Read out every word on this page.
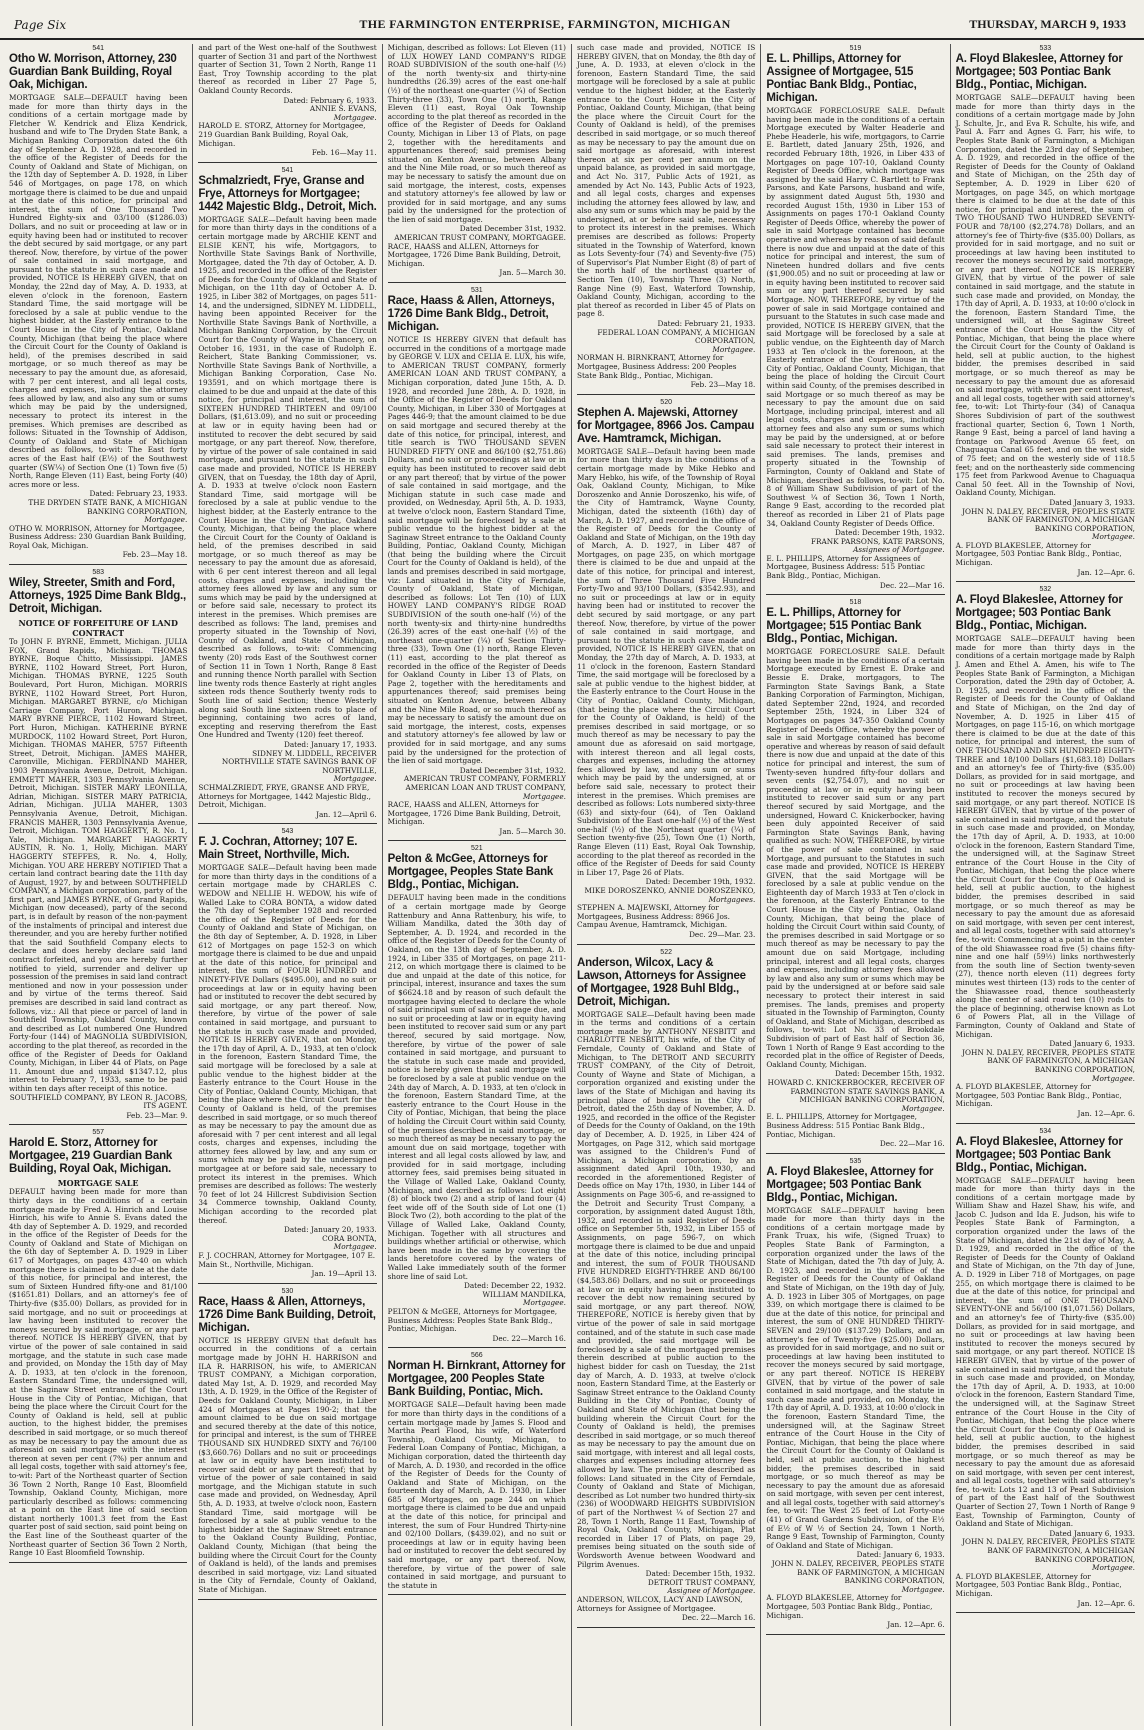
Page Six	THE FARMINGTON ENTERPRISE, FARMINGTON, MICHIGAN	THURSDAY, MARCH 9, 1933
541
Otho W. Morrison, Attorney, 230 Guardian Bank Building, Royal Oak, Michigan.
MORTGAGE SALE—DEFAULT having been made for more than thirty days in the conditions of a certain mortgage made by Fletcher W. Kendrick and Eliza Kendrick, husband and wife to The Dryden State Bank, a Michigan Banking Corporation dated the 6th day of September A. D. 1928, and recorded in the office of the Register of Deeds for the County of Oakland and State of Michigan, on the 12th day of September A. D. 1928, in Liber 546 of Mortgages, on page 178, on which mortgage there is claimed to be due and unpaid at the date of this notice, for principal and interest, the sum of One Thousand Two Hundred Eighty-six and 03/100 ($1286.03) Dollars, and no suit or proceeding at law or in equity having been had or instituted to recover the debt secured by said mortgage, or any part thereof. Now, therefore, by virtue of the power of sale contained in said mortgage, and pursuant to the statute in such case made and provided, NOTICE IS HEREBY GIVEN, that on Monday, the 22nd day of May, A. D. 1933, at eleven o'clock in the forenoon, Eastern Standard Time, the said mortgage will be foreclosed by a sale at public vendue to the highest bidder, at the Easterly entrance to the Court House in the City of Pontiac, Oakland County, Michigan (that being the place where the Circuit Court for the County of Oakland is held), of the premises described in said mortgage, or so much thereof as may be necessary to pay the amount due, as aforesaid, with 7 per cent interest, and all legal costs, charges and expenses, including the attorney fees allowed by law, and also any sum or sums which may be paid by the undersigned, necessary to protect its interest in the premises. Which premises are described as follows: Situated in the Township of Addison, County of Oakland and State of Michigan described as follows, to-wit: The East forty acres of the East half (E½) of the Southwest quarter (SW¼) of Section One (1) Town five (5) North, Range Eleven (11) East, being Forty (40) acres more or less.
Dated: February 23, 1933.
THE DRYDEN STATE BANK, A MICHIGAN BANKING CORPORATION,
Mortgagee.
OTHO W. MORRISON, Attorney for Mortgagee, Business Address: 230 Guardian Bank Building, Royal Oak, Michigan.
Feb. 23—May 18.
583
Wiley, Streeter, Smith and Ford, Attorneys, 1925 Dime Bank Bldg., Detroit, Michigan.
NOTICE OF FORFEITURE OF LAND CONTRACT
To JOHN F. BYRNE, Emmett, Michigan. JULIA FOX, Grand Rapids, Michigan. THOMAS BYRNE, Boque Chitto, Mississippi. JAMES BYRNE, 1102 Howard Street, Port Huron, Michigan. THOMAS BYRNE, 1225 South Boulevard, Port Huron, Michigan. MORRIS BYRNE, 1102 Howard Street, Port Huron, Michigan. MARGARET BYRNE, c/o Michigan Carriage Company, Port Huron, Michigan. MARY BYRNE PIERCE, 1102 Howard Street, Port Huron, Michigan. KATHERINE BYRNE MURDOCK, 1102 Howard Street, Port Huron, Michigan. THOMAS MAHER, 5757 Fifteenth Street, Detroit, Michigan. JAMES MAHER, Caronville, Michigan. FERDINAND MAHER, 1903 Pennsylvania Avenue, Detroit, Michigan. EMMETT MAHER, 1303 Pennsylvania Avenue, Detroit, Michigan. SISTER MARY LEONILLA, Adrian, Michigan. SISTER MARY PATRICIA, Adrian, Michigan. JULIA MAHER, 1303 Pennsylvania Avenue, Detroit, Michigan. FRANCIS MAHER, 1303 Pennsylvania Avenue, Detroit, Michigan. TOM HAGGERTY, R. No. 1, Yale, Michigan. MARGARET HAGGERTY AUSTIN, R. No. 1, Holly, Michigan. MARY HAGGERTY STEFFES, R. No. 4, Holly, Michigan. YOU ARE HEREBY NOTIFIED That a certain land contract bearing date the 11th day of August, 1927, by and between SOUTHFIELD COMPANY, a Michigan corporation, party of the first part, and JAMES BYRNE, of Grand Rapids, Michigan (now deceased), party of the second part, is in default by reason of the non-payment of the instalments of principal and interest due thereunder, and you are hereby further notified that the said Southfield Company elects to declare and does hereby declare said land contract forfeited, and you are hereby further notified to yield, surrender and deliver up possession of the premises in said land contract mentioned and now in your possession under and by virtue of the terms thereof. Said premises are described in said land contract as follows, viz.: All that piece or parcel of land in Southfield Township, Oakland County, known and described as Lot numbered One Hundred Forty-four (144) of MAGNOLIA SUBDIVISION, according to the plat thereof, as recorded in the office of the Register of Deeds for Oakland County, Michigan, in Liber 44 of Plats, on Page 11. Amount due and unpaid $1347.12, plus interest to February 7, 1933, same to be paid within ten days after receipt of this notice.
SOUTHFIELD COMPANY, BY LEON R. JACOBS, ITS AGENT.
Feb. 23—Mar. 9.
557
Harold E. Storz, Attorney for Mortgagee, 219 Guardian Bank Building, Royal Oak, Michigan.
MORTGAGE SALE
DEFAULT having been made for more than thirty days in the conditions of a certain mortgage made by Fred A. Hinrich and Louise Hinrich, his wife to Annie S. Evans dated the 4th day of September A. D. 1929, and recorded in the office of the Register of Deeds for the County of Oakland and State of Michigan on the 6th day of September A. D. 1929 in Liber 617 of Mortgages, on pages 437-40 on which mortgage there is claimed to be due at the date of this notice, for principal and interest, the sum of Sixteen Hundred fifty-one and 81/100 ($1651.81) Dollars, and an attorney's fee of Thirty-five ($35.00) Dollars, as provided for in said mortgage, and no suit or proceedings at law having been instituted to recover the moneys secured by said mortgage, or any part thereof. NOTICE IS HEREBY GIVEN, that by virtue of the power of sale contained in said mortgage, and the statute in such case made and provided, on Monday the 15th day of May A. D. 1933, at ten o'clock in the forenoon, Eastern Standard Time, the undersigned will, at the Saginaw Street entrance of the Court House in the City of Pontiac, Michigan, that being the place where the Circuit Court for the County of Oakland is held, sell at public auction, to the highest bidder, the premises described in said mortgage, or so much thereof as may be necessary to pay the amount due as aforesaid on said mortgage with the interest thereon at seven per cent (7%) per annum and all legal costs, together with said attorney's fee, to-wit: Part of the Northeast quarter of Section 36 Town 2 North, Range 10 East, Bloomfield Township, Oakland County, Michigan, more particularly described as follows: commencing at a point on the East line of said section distant northerly 1001.3 feet from the East quarter post of said section, said point being on the East line of the Southeast quarter of the Northeast quarter of Section 36 Town 2 North, Range 10 East Bloomfield Township.
and part of the West one-half of the Southwest quarter of Section 31 and part of the Northwest quarter of Section 31, Town 2 North, Range 11 East, Troy Township according to the plat thereof as recorded in Liber 27 Page 5, Oakland County Records.
Dated: February 6, 1933.
ANNIE S. EVANS,
Mortgagee.
HAROLD E. STORZ, Attorney for Mortgagee, 219 Guardian Bank Building, Royal Oak, Michigan.
Feb. 16—May 11.
541
Schmalzriedt, Frye, Granse and Frye, Attorneys for Mortgagee; 1442 Majestic Bldg., Detroit, Mich.
MORTGAGE SALE—Default having been made for more than thirty days in the conditions of a certain mortgage made by ARCHIE KENT and ELSIE KENT, his wife, Mortgagors, to Northville State Savings Bank of Northville, Mortgagee, dated the 7th day of October, A. D. 1925, and recorded in the office of the Register of Deeds for the County of Oakland and State of Michigan, on the 11th day of October A. D. 1925, in Liber 382 of Mortgages, on pages 511-14, and the undersigned, SIDNEY M. LIDDELL, having been appointed Receiver for the Northville State Savings Bank of Northville, a Michigan Banking Corporation, by the Circuit Court for the County of Wayne in Chancery, on October 16, 1931, in the case of Rudolph E. Reichert, State Banking Commissioner, vs. Northville State Savings Bank of Northville, a Michigan Banking Corporation, Case No. 193591, and on which mortgage there is claimed to be due and unpaid at the date of this notice, for principal and interest, the sum of SIXTEEN HUNDRED THIRTEEN and 09/100 Dollars, ($1,613.09), and no suit or proceeding at law or in equity having been had or instituted to recover the debt secured by said mortgage, or any part thereof. Now, therefore, by virtue of the power of sale contained in said mortgage, and pursuant to the statute in such case made and provided, NOTICE IS HEREBY GIVEN, that on Tuesday, the 18th day of April, A. D. 1933 at twelve o'clock noon Eastern Standard Time, said mortgage will be foreclosed by a sale at public vendue to the highest bidder, at the Easterly entrance to the Court House in the City of Pontiac, Oakland County, Michigan, that being the place where the Circuit Court for the County of Oakland is held, of the premises described in said mortgage, or so much thereof as may be necessary to pay the amount due as aforesaid, with 6 per cent interest thereon and all legal costs, charges and expenses, including the attorney fees allowed by law and any sum or sums which may be paid by the undersigned at or before said sale, necessary to protect its interest in the premises. Which premises are described as follows: The land, premises and property situated in the Township of Novi, County of Oakland, and State of Michigan, described as follows, to-wit: Commencing twenty (20) rods East of the Southwest corner of Section 11 in Town 1 North, Range 8 East and running thence North parallel with Section line twenty rods thence Easterly at right angles sixteen rods thence Southerly twenty rods to South line of said Section; thence Westerly along said South line sixteen rods to place of beginning, containing two acres of land, excepting and reserving therefrom the East One Hundred and Twenty (120) feet thereof.
Dated: January 17, 1933.
SIDNEY M. LIDDELL, RECEIVER NORTHVILLE STATE SAVINGS BANK OF NORTHVILLE,
Mortgagee.
SCHMALZRIEDT, FRYE, GRANSE AND FRYE, Attorneys for Mortgagee, 1442 Majestic Bldg., Detroit, Michigan.
Jan. 12—April 6.
543
F. J. Cochran, Attorney; 107 E. Main Street, Northville, Mich.
MORTGAGE SALE—Default having been made for more than thirty days in the conditions of a certain mortgage made by CHARLES C. WEDOW and NELLIE H. WEDOW, his wife of Walled Lake to CORA BONTA, a widow dated the 7th day of September 1928 and recorded the office of the Register of Deeds for the County of Oakland and State of Michigan, on the 8th day of September, A. D. 1928, in Liber 612 of Mortgages on page 152-3 on which mortgage there is claimed to be due and unpaid at the date of this notice, for principal and interest, the sum of FOUR HUNDRED and NINETY-FIVE Dollars ($495.00), and no suit or proceedings at law or in equity having been had or instituted to recover the debt secured by said mortgage, or any part thereof. Now, therefore, by virtue of the power of sale contained in said mortgage, and pursuant to the statute in such case made and provided, NOTICE IS HEREBY GIVEN, that on Monday, the 17th day of April, A. D., 1933, at ten o'clock in the forenoon, Eastern Standard Time, the said mortgage will be foreclosed by a sale at public vendue to the highest bidder at the Easterly entrance to the Court House in the City of Pontiac, Oakland County, Michigan, that being the place where the Circuit Court for the County of Oakland is held, of the premises described in said mortgage, or so much thereof as may be necessary to pay the amount due as aforesaid with 7 per cent interest and all legal costs, charges and expenses, including the attorney fees allowed by law, and any sum or sums which may be paid by the undersigned mortgagee at or before said sale, necessary to protect its interest in the premises. Which premises are described as follows: The westerly 70 feet of lot 24 Hillcrest Subdivision Section 34 Commerce township, Oakland County, Michigan according to the recorded plat thereof.
Dated: January 20, 1933.
CORA BONTA,
Mortgagee.
F. J. COCHRAN, Attorney for Mortgagee, 107 E. Main St., Northville, Michigan.
Jan. 19—April 13.
530
Race, Haass & Allen, Attorneys, 1726 Dime Bank Building, Detroit, Michigan.
NOTICE IS HEREBY GIVEN that default has occurred in the conditions of a certain mortgage made by JOHN H. HARRISON and ILA R. HARRISON, his wife, to AMERICAN TRUST COMPANY, a Michigan corporation, dated May 1st, A. D. 1929, and recorded May 13th, A. D. 1929, in the Office of the Register of Deeds for Oakland County, Michigan, in Liber 424 of Mortgages at Pages 190-2; that the amount claimed to be due on said mortgage and secured thereby at the date of this notice, for principal and interest, is the sum of THREE THOUSAND SIX HUNDRED SIXTY and 76/100 ($3,660.76) Dollars and no suit or proceedings at law or in equity have been instituted to recover said debt or any part thereof; that by virtue of the power of sale contained in said mortgage, and the Michigan statute in such case made and provided, on Wednesday, April 5th, A. D. 1933, at twelve o'clock noon, Eastern Standard Time, said mortgage will be foreclosed by a sale at public vendue to the highest bidder at the Saginaw Street entrance to the Oakland County Building, Pontiac, Oakland County, Michigan (that being the building where the Circuit Court for the County of Oakland is held), of the lands and premises described in said mortgage, viz: Land situated in the City of Ferndale, County of Oakland, State of Michigan.
Michigan, described as follows: Lot Eleven (11) of LUX HOWEY LAND COMPANY'S RIDGE ROAD SUBDIVISION of the south one-half (½) of the north twenty-six and thirty-nine hundredths (26.39) acres of the east one-half (½) of the northeast one-quarter (¼) of Section Thirty-three (33), Town One (1) north, Range Eleven (11) east, Royal Oak Township according to the plat thereof as recorded in the office of the Register of Deeds for Oakland County, Michigan in Liber 13 of Plats, on page 2, together with the hereditaments and appurtenances thereof; said premises being situated on Kenton Avenue, between Albany and the Nine Mile road, or so much thereof as may be necessary to satisfy the amount due on said mortgage, the interest, costs, expenses and statutory attorney's fee allowed by law or provided for in said mortgage, and any sums paid by the undersigned for the protection of the lien of said mortgage.
Dated December 31st, 1932.
AMERICAN TRUST COMPANY, MORTGAGEE.
RACE, HAASS and ALLEN, Attorneys for Mortgagee, 1726 Dime Bank Building, Detroit, Michigan.
Jan. 5—March 30.
531
Race, Haass & Allen, Attorneys, 1726 Dime Bank Bldg., Detroit, Michigan.
NOTICE IS HEREBY GIVEN that default has occurred in the conditions of a mortgage made by GEORGE V. LUX and CELIA E. LUX, his wife, to AMERICAN TRUST COMPANY, formerly AMERICAN LOAN AND TRUST COMPANY, a Michigan corporation, dated June 15th, A. D. 1928, and recorded June 28th, A. D. 1928, in the Office of the Register of Deeds for Oakland County, Michigan, in Liber 330 of Mortgages at Pages 446-9; that the amount claimed to be due on said mortgage and secured thereby at the date of this notice, for principal, interest, and title search is TWO THOUSAND SEVEN HUNDRED FIFTY ONE and 86/100 ($2,751.86) Dollars, and no suit or proceedings at law or in equity has been instituted to recover said debt or any part thereof; that by virtue of the power of sale contained in said mortgage, and the Michigan statute in such case made and provided, on Wednesday, April 5th, A. D. 1933, at twelve o'clock noon, Eastern Standard Time, said mortgage will be foreclosed by a sale at public vendue to the highest bidder at the Saginaw Street entrance to the Oakland County Building, Pontiac, Oakland County, Michigan (that being the building where the Circuit Court for the County of Oakland is held), of the lands and premises described in said mortgage, viz: Land situated in the City of Ferndale, County of Oakland, State of Michigan, described as follows: Lot Ten (10) of LUX HOWEY LAND COMPANY'S RIDGE ROAD SUBDIVISION of the south one-half (½) of the north twenty-six and thirty-nine hundredths (26.39) acres of the east one-half (½) of the northeast one-quarter (¼) of Section Thirty-three (33), Town One (1) north, Range Eleven (11) east, according to the plat thereof as recorded in the office of the Register of Deeds for Oakland County in Liber 13 of Plats, on Page 2, together with the hereditaments and appurtenances thereof; said premises being situated on Kenton Avenue, between Albany and the Nine Mile Road, or so much thereof as may be necessary to satisfy the amount due on said mortgage, the interest, costs, expenses and statutory attorney's fee allowed by law or provided for in said mortgage, and any sums paid by the undersigned for the protection of the lien of said mortgage.
Dated December 31st, 1932.
AMERICAN TRUST COMPANY, FORMERLY AMERICAN LOAN AND TRUST COMPANY,
Mortgagee.
RACE, HAASS and ALLEN, Attorneys for Mortgagee, 1726 Dime Bank Building, Detroit, Michigan.
Jan. 5—March 30.
521
Pelton & McGee, Attorneys for Mortgagee, Peoples State Bank Bldg., Pontiac, Michigan.
DEFAULT having been made in the conditions of a certain mortgage made by George Rattenbury and Anna Rattenbury, his wife, to William Mandilka, dated the 30th day of September, A. D. 1924, and recorded in the office of the Register of Deeds for the County of Oakland, on the 13th day of September, A. D. 1924, in Liber 335 of Mortgages, on page 211-212, on which mortgage there is claimed to be due and unpaid at the date of this notice, for principal, interest, insurance and taxes the sum of $6624.18 and by reason of such default the mortgagee having elected to declare the whole of said principal sum of said mortgage due, and no suit or proceeding at law or in equity having been instituted to recover said sum or any part thereof, secured by said mortgage. Now, therefore, by virtue of the power of sale contained in said mortgage, and pursuant to the statute in such case made and provided, notice is hereby given that said mortgage will be foreclosed by a sale at public vendue on the 24th day of March, A. D. 1933, at ten o'clock in the forenoon, Eastern Standard Time, at the easterly entrance to the Court House in the City of Pontiac, Michigan, that being the place of holding the Circuit Court within said County, of the premises described in said mortgage, or so much thereof as may be necessary to pay the amount due on said mortgage, together with interest and all legal costs allowed by law, and provided for in said mortgage, including attorney fees, said premises being situated in the Village of Walled Lake, Oakland County, Michigan, and described as follows: Lot eight (8) of block two (2) and a strip of land four (4) feet wide off of the South side of Lot one (1) Block Two (2), both according to the plat of the Village of Walled Lake, Oakland County, Michigan. Together with all structures and buildings whether artificial or otherwise, which have been made in the same by covering the lands heretofore covered by the waters of Walled Lake immediately south of the former shore line of said Lot.
Dated: December 22, 1932.
WILLIAM MANDILKA,
Mortgagee.
PELTON & McGEE, Attorneys for Mortgagee, Business Address: Peoples State Bank Bldg., Pontiac, Michigan.
Dec. 22—March 16.
566
Norman H. Birnkrant, Attorney for Mortgagee, 200 Peoples State Bank Building, Pontiac, Mich.
MORTGAGE SALE—Default having been made for more than thirty days in the conditions of a certain mortgage made by James S. Flood and Martha Pearl Flood, his wife, of Waterford Township, Oakland County, Michigan, to Federal Loan Company of Pontiac, Michigan, a Michigan corporation, dated the thirteenth day of March, A. D. 1930, and recorded in the office of the Register of Deeds for the County of Oakland and State of Michigan, on the fourteenth day of March, A. D. 1930, in Liber 685 of Mortgages, on page 244 on which mortgage there is claimed to be due and unpaid at the date of this notice, for principal and interest, the sum of Four Hundred Thirty-nine and 02/100 Dollars, ($439.02), and no suit or proceedings at law or in equity having been had or instituted to recover the debt secured by said mortgage, or any part thereof. Now, therefore, by virtue of the power of sale contained in said mortgage, and pursuant to the statute in
such case made and provided, NOTICE IS HEREBY GIVEN, that on Monday, the 8th day of June, A. D. 1933, at eleven o'clock in the forenoon, Eastern Standard Time, the said mortgage will be foreclosed by a sale at public vendue to the highest bidder, at the Easterly entrance to the Court House in the City of Pontiac, Oakland County, Michigan, (that being the place where the Circuit Court for the County of Oakland is held), of the premises described in said mortgage, or so much thereof as may be necessary to pay the amount due on said mortgage as aforesaid, with interest thereon at six per cent per annum on the unpaid balance, as provided in said mortgage, and Act No. 317, Public Acts of 1921, as amended by Act No. 143, Public Acts of 1923, and all legal costs, charges and expenses including the attorney fees allowed by law, and also any sum or sums which may be paid by the undersigned, at or before said sale, necessary to protect its interest in the premises. Which premises are described as follows: Property situated in the Township of Waterford, known as Lots Seventy-four (74) and Seventy-five (75) of Supervisor's Plat Number Eight (8) of part of the north half of the northeast quarter of Section Ten (10), Township Three (3) North, Range Nine (9) East, Waterford Township, Oakland County, Michigan, according to the plat thereof as recorded in Liber 45 of Plats on page 8.
Dated: February 21, 1933.
FEDERAL LOAN COMPANY, A MICHIGAN CORPORATION,
Mortgagee.
NORMAN H. BIRNKRANT, Attorney for Mortgagee, Business Address: 200 Peoples State Bank Bldg., Pontiac, Michigan.
Feb. 23—May 18.
520
Stephen A. Majewski, Attorney for Mortgagee, 8966 Jos. Campau Ave. Hamtramck, Michigan.
MORTGAGE SALE—Default having been made for more than thirty days in the conditions of a certain mortgage made by Mike Hebko and Mary Hebko, his wife, of the Township of Royal Oak, Oakland County, Michigan, to Mike Doroszenko and Annie Doroszenko, his wife, of the City of Hamtramck, Wayne County, Michigan, dated the sixteenth (16th) day of March, A. D. 1927, and recorded in the office of the Register of Deeds for the County of Oakland and State of Michigan, on the 19th day of March, A. D. 1927, in Liber 487 of Mortgages, on page 235, on which mortgage there is claimed to be due and unpaid at the date of this notice, for principal and interest, the sum of Three Thousand Five Hundred Forty-Two and 93/100 Dollars, ($3542.93), and no suit or proceedings at law or in equity having been had or instituted to recover the debt secured by said mortgage, or any part thereof. Now, therefore, by virtue of the power of sale contained in said mortgage, and pursuant to the statute in such case made and provided, NOTICE IS HEREBY GIVEN, that on Monday, the 27th day of March, A. D. 1933, at 11 o'clock in the forenoon, Eastern Standard Time, the said mortgage will be foreclosed by a sale at public vendue to the highest bidder, at the Easterly entrance to the Court House in the City of Pontiac, Oakland County, Michigan, (that being the place where the Circuit Court for the County of Oakland, is held) of the premises described in said mortgage, or so much thereof as may be necessary to pay the amount due as aforesaid on said mortgage, with interest thereon and all legal costs, charges and expenses, including the attorney fees allowed by law, and any sum or sums which may be paid by the undersigned, at or before said sale, necessary to protect their interest in the premises. Which premises are described as follows: Lots numbered sixty-three (63) and sixty-four (64), of Ten Oakland Subdivision of the East one-half (½) of the West one-half (½) of the Northeast quarter (¼) of Section twenty-five (25), Town One (1) North, Range Eleven (11) East, Royal Oak Township, according to the plat thereof as recorded in the office of the Register of Deeds for said County in Liber 17, Page 26 of Plats.
Dated: December 19th, 1932.
MIKE DOROSZENKO, ANNIE DOROSZENKO,
Mortgagees.
STEPHEN A. MAJEWSKI, Attorney for Mortgagees, Business Address: 8966 Jos. Campau Avenue, Hamtramck, Michigan.
Dec. 29—Mar. 23.
522
Anderson, Wilcox, Lacy & Lawson, Attorneys for Assignee of Mortgagee, 1928 Buhl Bldg., Detroit, Michigan.
MORTGAGE SALE—Default having been made in the terms and conditions of a certain mortgage made by ANTHONY NESBITT and CHARLOTTE NESBITT, his wife, of the City of Ferndale, County of Oakland and State of Michigan, to The DETROIT AND SECURITY TRUST COMPANY, of the City of Detroit, County of Wayne and State of Michigan, a corporation organized and existing under the laws of the State of Michigan and having its principal place of business in the City of Detroit, dated the 25th day of November, A. D. 1925, and recorded in the office of the Register of Deeds for the County of Oakland, on the 19th day of December, A. D. 1925, in Liber 424 of Mortgages, on Page 312, which said mortgage was assigned to the Children's Fund of Michigan, a Michigan corporation, by an assignment dated April 10th, 1930, and recorded in the aforementioned Register of Deeds office on May 17th, 1930, in Liber 144 of Assignments on Page 305-6, and re-assigned to the Detroit and Security Trust Company, a corporation, by assignment dated August 18th, 1932, and recorded in said Register of Deeds office on September 5th, 1932, in Liber 155 of Assignments, on page 596-7, on which mortgage there is claimed to be due and unpaid at the date of this notice, including principal and interest, the sum of FOUR THOUSAND FIVE HUNDRED EIGHTY-THREE AND 86/100 ($4,583.86) Dollars, and no suit or proceedings at law or in equity having been instituted to recover the debt now remaining secured by said mortgage, or any part thereof. NOW, THEREFORE, NOTICE is hereby given that by virtue of the power of sale in said mortgage contained, and of the statute in such case made and provided, the said mortgage will be foreclosed by a sale of the mortgaged premises therein described at public auction to the highest bidder for cash on Tuesday, the 21st day of March, A. D. 1933, at twelve o'clock noon, Eastern Standard Time, at the Easterly or Saginaw Street entrance to the Oakland County Building in the City of Pontiac, County of Oakland and State of Michigan (that being the building wherein the Circuit Court for the County of Oakland is held), the premises described in said mortgage, or so much thereof as may be necessary to pay the amount due on said mortgage, with interest and all legal costs, charges and expenses including attorney fees allowed by law. The premises are described as follows: Land situated in the City of Ferndale, County of Oakland and State of Michigan, described as Lot number two hundred thirty-six (236) of WOODWARD HEIGHTS SUBDIVISION of part of the Northwest ¼ of Section 27 and 28, Town 1 North, Range 11 East, Township of Royal Oak, Oakland County, Michigan, Plat recorded in Liber 17 of Plats, on page 29, premises being situated on the south side of Wordsworth Avenue between Woodward and Pilgrim Avenues.
Dated: December 15th, 1932.
DETROIT TRUST COMPANY,
Assignee of Mortgagee.
ANDERSON, WILCOX, LACY AND LAWSON, Attorneys for Assignee of Mortgagee.
Dec. 22—March 16.
519
E. L. Phillips, Attorney for Assignee of Mortgagee, 515 Pontiac Bank Bldg., Pontiac, Michigan.
MORTGAGE FORECLOSURE SALE. Default having been made in the conditions of a certain Mortgage executed by Walter Headerle and Phebe Headerle, his wife, mortgagors, to Carrie E. Bartlett, dated January 25th, 1926, and recorded February 18th, 1926, in Liber 433 of Mortgages on page 107-10, Oakland County Register of Deeds Office, which mortgage was assigned by the said Harry C. Bartlett to Frank Parsons, and Kate Parsons, husband and wife, by assignment dated August 5th, 1930 and recorded August 15th, 1930 in Liber 153 of Assignments on pages 170-1 Oakland County Register of Deeds Office, whereby the power of sale in said Mortgage contained has become operative and whereas by reason of said default there is now due and unpaid at the date of this notice for principal and interest, the sum of Nineteen hundred dollars and five cents ($1,900.05) and no suit or proceeding at law or in equity having been instituted to recover said sum or any part thereof secured by said Mortgage. NOW, THEREFORE, by virtue of the power of sale in said Mortgage contained and pursuant to the Statutes in such case made and provided, NOTICE IS HEREBY GIVEN, that the said Mortgage will be foreclosed by a sale at public vendue, on the Eighteenth day of March 1933 at Ten o'clock in the forenoon, at the Easterly entrance of the Court House in the City of Pontiac, Oakland County, Michigan, that being the place of holding the Circuit Court within said County, of the premises described in said Mortgage or so much thereof as may be necessary to pay the amount due on said Mortgage, including principal, interest and all legal costs, charges and expenses, including attorney fees and also any sum or sums which may be paid by the undersigned, at or before said sale necessary to protect their interest in said premises. The lands, premises and property situated in the Township of Farmington, County of Oakland and State of Michigan, described as follows, to-wit: Lot No. 8 of William Shaw Subdivision of part of the Southwest ¼ of Section 36, Town 1 North, Range 9 East, according to the recorded plat thereof as recorded in Liber 21 of Plats page 34, Oakland County Register of Deeds Office.
Dated: December 19th, 1932.
FRANK PARSONS, KATE PARSONS,
Assignees of Mortgagee.
E. L. PHILLIPS, Attorney for Assignees of Mortgagee, Business Address: 515 Pontiac Bank Bldg., Pontiac, Michigan.
Dec. 22—Mar 16.
518
E. L. Phillips, Attorney for Mortgagee; 515 Pontiac Bank Bldg., Pontiac, Michigan.
MORTGAGE FORECLOSURE SALE. Default having been made in the conditions of a certain Mortgage executed by Ernest E. Drake and Bessie E. Drake, mortgagors, to The Farmington State Savings Bank, a State Banking Corporation of Farmington, Michigan, dated September 22nd, 1924, and recorded September 25th, 1924, in Liber 324 of Mortgages on pages 347-350 Oakland County Register of Deeds Office, whereby the power of sale in said Mortgage contained has become operative and whereas by reason of said default there is now due and unpaid at the date of this notice for principal and interest, the sum of Twenty-seven hundred fifty-four dollars and seven cents ($2,754.07), and no suit or proceeding at law or in equity having been instituted to recover said sum or any part thereof secured by said Mortgage, and the undersigned, Howard C. Knickerbocker, having been duly appointed Receiver of said Farmington State Savings Bank, having qualified as such: NOW, THEREFORE, by virtue of the power of sale contained in said Mortgage, and pursuant to the Statutes in such case made and provided, NOTICE IS HEREBY GIVEN, that the said Mortgage will be foreclosed by a sale at public vendue on the Eighteenth day of March 1933 at Ten o'clock in the forenoon, at the Easterly Entrance to the Court House in the City of Pontiac, Oakland County, Michigan, that being the place of holding the Circuit Court within said County, of the premises described in said Mortgage or so much thereof as may be necessary to pay the amount due on said Mortgage, including principal, interest and all legal costs, charges and expenses, including attorney fees allowed by law and also any sum or sums which may be paid by the undersigned at or before said sale necessary to protect their interest in said premises. The lands, premises and property situated in the Township of Farmington, County of Oakland, and State of Michigan, described as follows, to-wit: Lot No. 33 of Brookdale Subdivision of part of East half of Section 36, Town 1 North of Range 9 East according to the recorded plat in the office of Register of Deeds, Oakland County, Michigan.
Dated: December 15th, 1932.
HOWARD C. KNICKERBOCKER, RECEIVER OF FARMINGTON STATE SAVINGS BANK, A MICHIGAN BANKING CORPORATION,
Mortgagee.
E. L. PHILLIPS, Attorney for Mortgagee, Business Address: 515 Pontiac Bank Bldg., Pontiac, Michigan.
Dec. 22—Mar 16.
535
A. Floyd Blakeslee, Attorney for Mortgagee; 503 Pontiac Bank Bldg., Pontiac, Michigan.
MORTGAGE SALE—DEFAULT having been made for more than thirty days in the conditions of a certain mortgage made by Frank Truax, his wife, (Signed Truax) to Peoples State Bank of Farmington, a corporation organized under the laws of the State of Michigan, dated the 7th day of July, A. D. 1923, and recorded in the office of the Register of Deeds for the County of Oakland and State of Michigan, on the 19th day of July, A. D. 1923 in Liber 305 of Mortgages, on page 339, on which mortgage there is claimed to be due at the date of this notice, for principal and interest, the sum of ONE HUNDRED THIRTY-SEVEN and 29/100 ($137.29) Dollars, and an attorney's fee of Twenty-five ($25.00) Dollars, as provided for in said mortgage, and no suit or proceedings at law having been instituted to recover the moneys secured by said mortgage, or any part thereof. NOTICE IS HEREBY GIVEN, that by virtue of the power of sale contained in said mortgage, and the statute in such case made and provided, on Monday, the 17th day of April, A. D. 1933, at 10:00 o'clock in the forenoon, Eastern Standard Time, the undersigned will, at the Saginaw Street entrance of the Court House in the City of Pontiac, Michigan, that being the place where the Circuit Court for the County of Oakland is held, sell at public auction, to the highest bidder, the premises described in said mortgage, or so much thereof as may be necessary to pay the amount due as aforesaid on said mortgage, with seven per cent interest, and all legal costs, together with said attorney's fee, to-wit: The West 25 feet of Lot Forty-one (41) of Grand Gardens Subdivision, of the E½ of E½ of W ½ of Section 24, Town 1 North, Range 9 East, Township of Farmington, County of Oakland and State of Michigan.
Dated: January 6, 1933.
JOHN N. DALEY, RECEIVER, PEOPLES STATE BANK OF FARMINGTON, A MICHIGAN BANKING CORPORATION,
Mortgagee.
A. FLOYD BLAKESLEE, Attorney for Mortgagee, 503 Pontiac Bank Bldg., Pontiac, Michigan.
Jan. 12—Apr. 6.
533
A. Floyd Blakeslee, Attorney for Mortgagee; 503 Pontiac Bank Bldg., Pontiac, Michigan.
MORTGAGE SALE—DEFAULT having been made for more than thirty days in the conditions of a certain mortgage made by John J. Schulte, Jr., and Eva R. Schulte, his wife, and Paul A. Farr and Agnes G. Farr, his wife, to Peoples State Bank of Farmington, a Michigan Corporation, dated the 23rd day of September, A. D. 1929, and recorded in the office of the Register of Deeds for the County of Oakland and State of Michigan, on the 25th day of September, A. D. 1929 in Liber 620 of Mortgages, on page 345, on which mortgage there is claimed to be due at the date of this notice, for principal and interest, the sum of TWO THOUSAND TWO HUNDRED SEVENTY-FOUR and 78/100 ($2,274.78) Dollars, and an attorney's fee of Thirty-five ($35.00) Dollars, as provided for in said mortgage, and no suit or proceedings at law having been instituted to recover the moneys secured by said mortgage, or any part thereof. NOTICE IS HEREBY GIVEN, that by virtue of the power of sale contained in said mortgage, and the statute in such case made and provided, on Monday, the 17th day of April, A. D. 1933, at 10:00 o'clock in the forenoon, Eastern Standard Time, the undersigned will, at the Saginaw Street entrance of the Court House in the City of Pontiac, Michigan, that being the place where the Circuit Court for the County of Oakland is held, sell at public auction, to the highest bidder, the premises described in said mortgage, or so much thereof as may be necessary to pay the amount due as aforesaid on said mortgage, with seven per cent interest, and all legal costs, together with said attorney's fee, to-wit: Lot Thirty-four (34) of Canaqua Shores Subdivision of part of the southwest fractional quarter, Section 6, Town 1 North, Range 9 East, being a parcel of land having a frontage on Parkwood Avenue 65 feet, on Chaguaqua Canal 65 feet, and on the west side of 75 feet; and on the westerly side of 118.5 feet; and on the northeasterly side commencing 175 feet from Parkwood Avenue to Chaguaqua Canal 50 feet. All in the Township of Novi, Oakland County, Michigan.
Dated January 3, 1933.
JOHN N. DALEY, RECEIVER, PEOPLES STATE BANK OF FARMINGTON, A MICHIGAN BANKING CORPORATION,
Mortgagee.
A. FLOYD BLAKESLEE, Attorney for Mortgagee, 503 Pontiac Bank Bldg., Pontiac, Michigan.
Jan. 12—Apr. 6.
532
A. Floyd Blakeslee, Attorney for Mortgagee; 503 Pontiac Bank Bldg., Pontiac, Michigan.
MORTGAGE SALE—DEFAULT having been made for more than thirty days in the conditions of a certain mortgage made by Ralph J. Amen and Ethel A. Amen, his wife to The Peoples State Bank of Farmington, a Michigan Corporation, dated the 29th day of October, A. D. 1925, and recorded in the office of the Register of Deeds for the County of Oakland and State of Michigan, on the 2nd day of November, A. D. 1925 in Liber 415 of Mortgages, on page 115-16, on which mortgage there is claimed to be due at the date of this notice, for principal and interest, the sum of ONE THOUSAND AND SIX HUNDRED EIGHTY-THREE and 18/100 Dollars ($1,683.18) Dollars and an attorney's fee of Thirty-five ($35.00) Dollars, as provided for in said mortgage, and no suit or proceedings at law having been instituted to recover the moneys secured by said mortgage, or any part thereof. NOTICE IS HEREBY GIVEN, that by virtue of the power of sale contained in said mortgage, and the statute in such case made and provided, on Monday, the 17th day of April, A. D. 1933, at 10:00 o'clock in the forenoon, Eastern Standard Time, the undersigned will, at the Saginaw Street entrance of the Court House in the City of Pontiac, Michigan, that being the place where the Circuit Court for the County of Oakland is held, sell at public auction, to the highest bidder, the premises described in said mortgage, or so much thereof as may be necessary to pay the amount due as aforesaid on said mortgage, with seven per cent interest, and all legal costs, together with said attorney's fee, to-wit: Commencing at a point in the center of the old Shiawassee road five (5) chains fifty-nine and one half (59½) links northwesterly from the south line of Section twenty-seven (27), thence north eleven (11) degrees forty minutes west thirteen (13) rods to the center of the Shiawassee road, thence southeasterly along the center of said road ten (10) rods to the place of beginning, otherwise known as Lot 6 of Powers Plat, all in the Village of Farmington, County of Oakland and State of Michigan.
Dated January 6, 1933.
JOHN N. DALEY, RECEIVER, PEOPLES STATE BANK OF FARMINGTON, A MICHIGAN BANKING CORPORATION,
Mortgagee.
A. FLOYD BLAKESLEE, Attorney for Mortgagee, 503 Pontiac Bank Bldg., Pontiac, Michigan.
Jan. 12—Apr. 6.
534
A. Floyd Blakeslee, Attorney for Mortgagee; 503 Pontiac Bank Bldg., Pontiac, Michigan.
MORTGAGE SALE—DEFAULT having been made for more than thirty days in the conditions of a certain mortgage made by William Shaw and Hazel Shaw, his wife, and Jacob C. Judson and Ida E. Judson, his wife to Peoples State Bank of Farmington, a corporation organized under the laws of the State of Michigan, dated the 21st day of May, A. D. 1929, and recorded in the office of the Register of Deeds for the County of Oakland and State of Michigan, on the 7th day of June, A. D. 1929 in Liber 718 of Mortgages, on page 255, on which mortgage there is claimed to be due at the date of this notice, for principal and interest, the sum of ONE THOUSAND SEVENTY-ONE and 56/100 ($1,071.56) Dollars, and an attorney's fee of Thirty-five ($35.00) Dollars, as provided for in said mortgage, and no suit or proceedings at law having been instituted to recover the moneys secured by said mortgage, or any part thereof. NOTICE IS HEREBY GIVEN, that by virtue of the power of sale contained in said mortgage, and the statute in such case made and provided, on Monday, the 17th day of April, A. D. 1933, at 10:00 o'clock in the forenoon, Eastern Standard Time, the undersigned will, at the Saginaw Street entrance of the Court House in the City of Pontiac, Michigan, that being the place where the Circuit Court for the County of Oakland is held, sell at public auction, to the highest bidder, the premises described in said mortgage, or so much thereof as may be necessary to pay the amount due as aforesaid on said mortgage, with seven per cent interest, and all legal costs, together with said attorney's fee, to-wit: Lots 12 and 13 of Pearl Subdivision of part of the East half of the Southwest Quarter of Section 27, Town 1 North of Range 9 East, Township of Farmington, County of Oakland and State of Michigan.
Dated January 6, 1933.
JOHN N. DALEY, RECEIVER, PEOPLES STATE BANK OF FARMINGTON, A MICHIGAN BANKING CORPORATION,
Mortgagee.
A. FLOYD BLAKESLEE, Attorney for Mortgagee, 503 Pontiac Bank Bldg., Pontiac, Michigan.
Jan. 12—Apr. 6.
